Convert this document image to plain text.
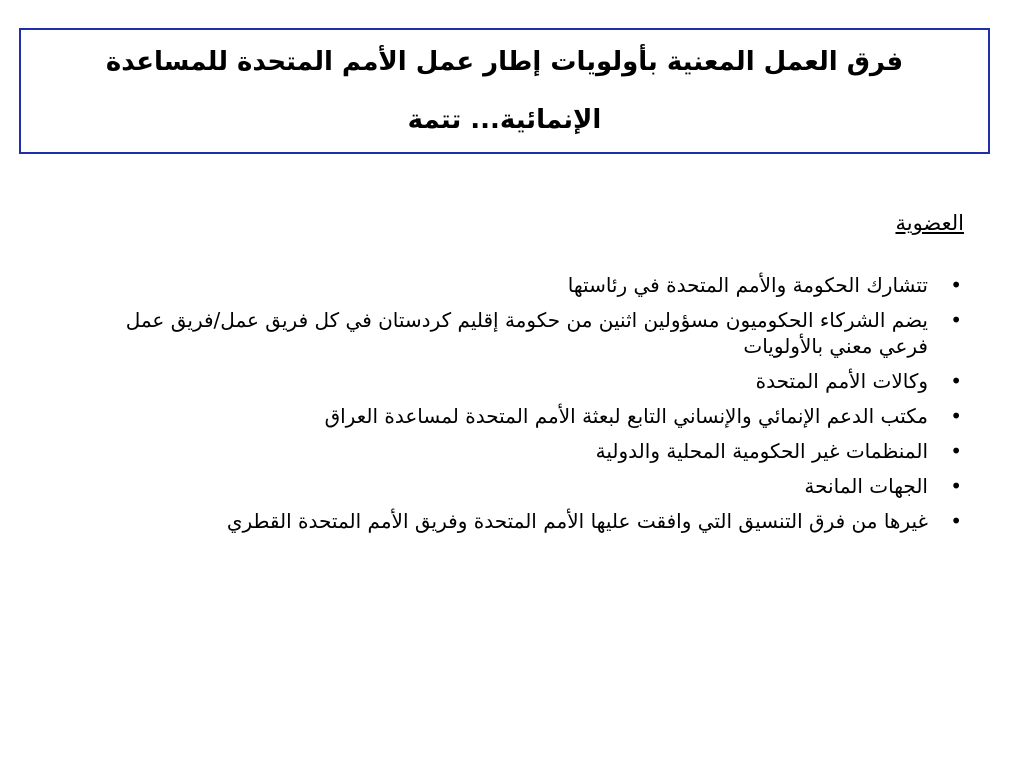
فرق العمل المعنية بأولويات إطار عمل الأمم المتحدة للمساعدة الإنمائية... تتمة

العضوية

•
تتشارك الحكومة والأمم المتحدة في رئاستها
•
يضم الشركاء الحكوميون مسؤولين اثنين من حكومة إقليم كردستان في كل فريق عمل/فريق عمل فرعي معني بالأولويات
•
وكالات الأمم المتحدة
•
مكتب الدعم الإنمائي والإنساني التابع لبعثة الأمم المتحدة لمساعدة العراق
•
المنظمات غير الحكومية المحلية والدولية
•
الجهات المانحة
•
غيرها من فرق التنسيق التي وافقت عليها الأمم المتحدة وفريق الأمم المتحدة القطري
